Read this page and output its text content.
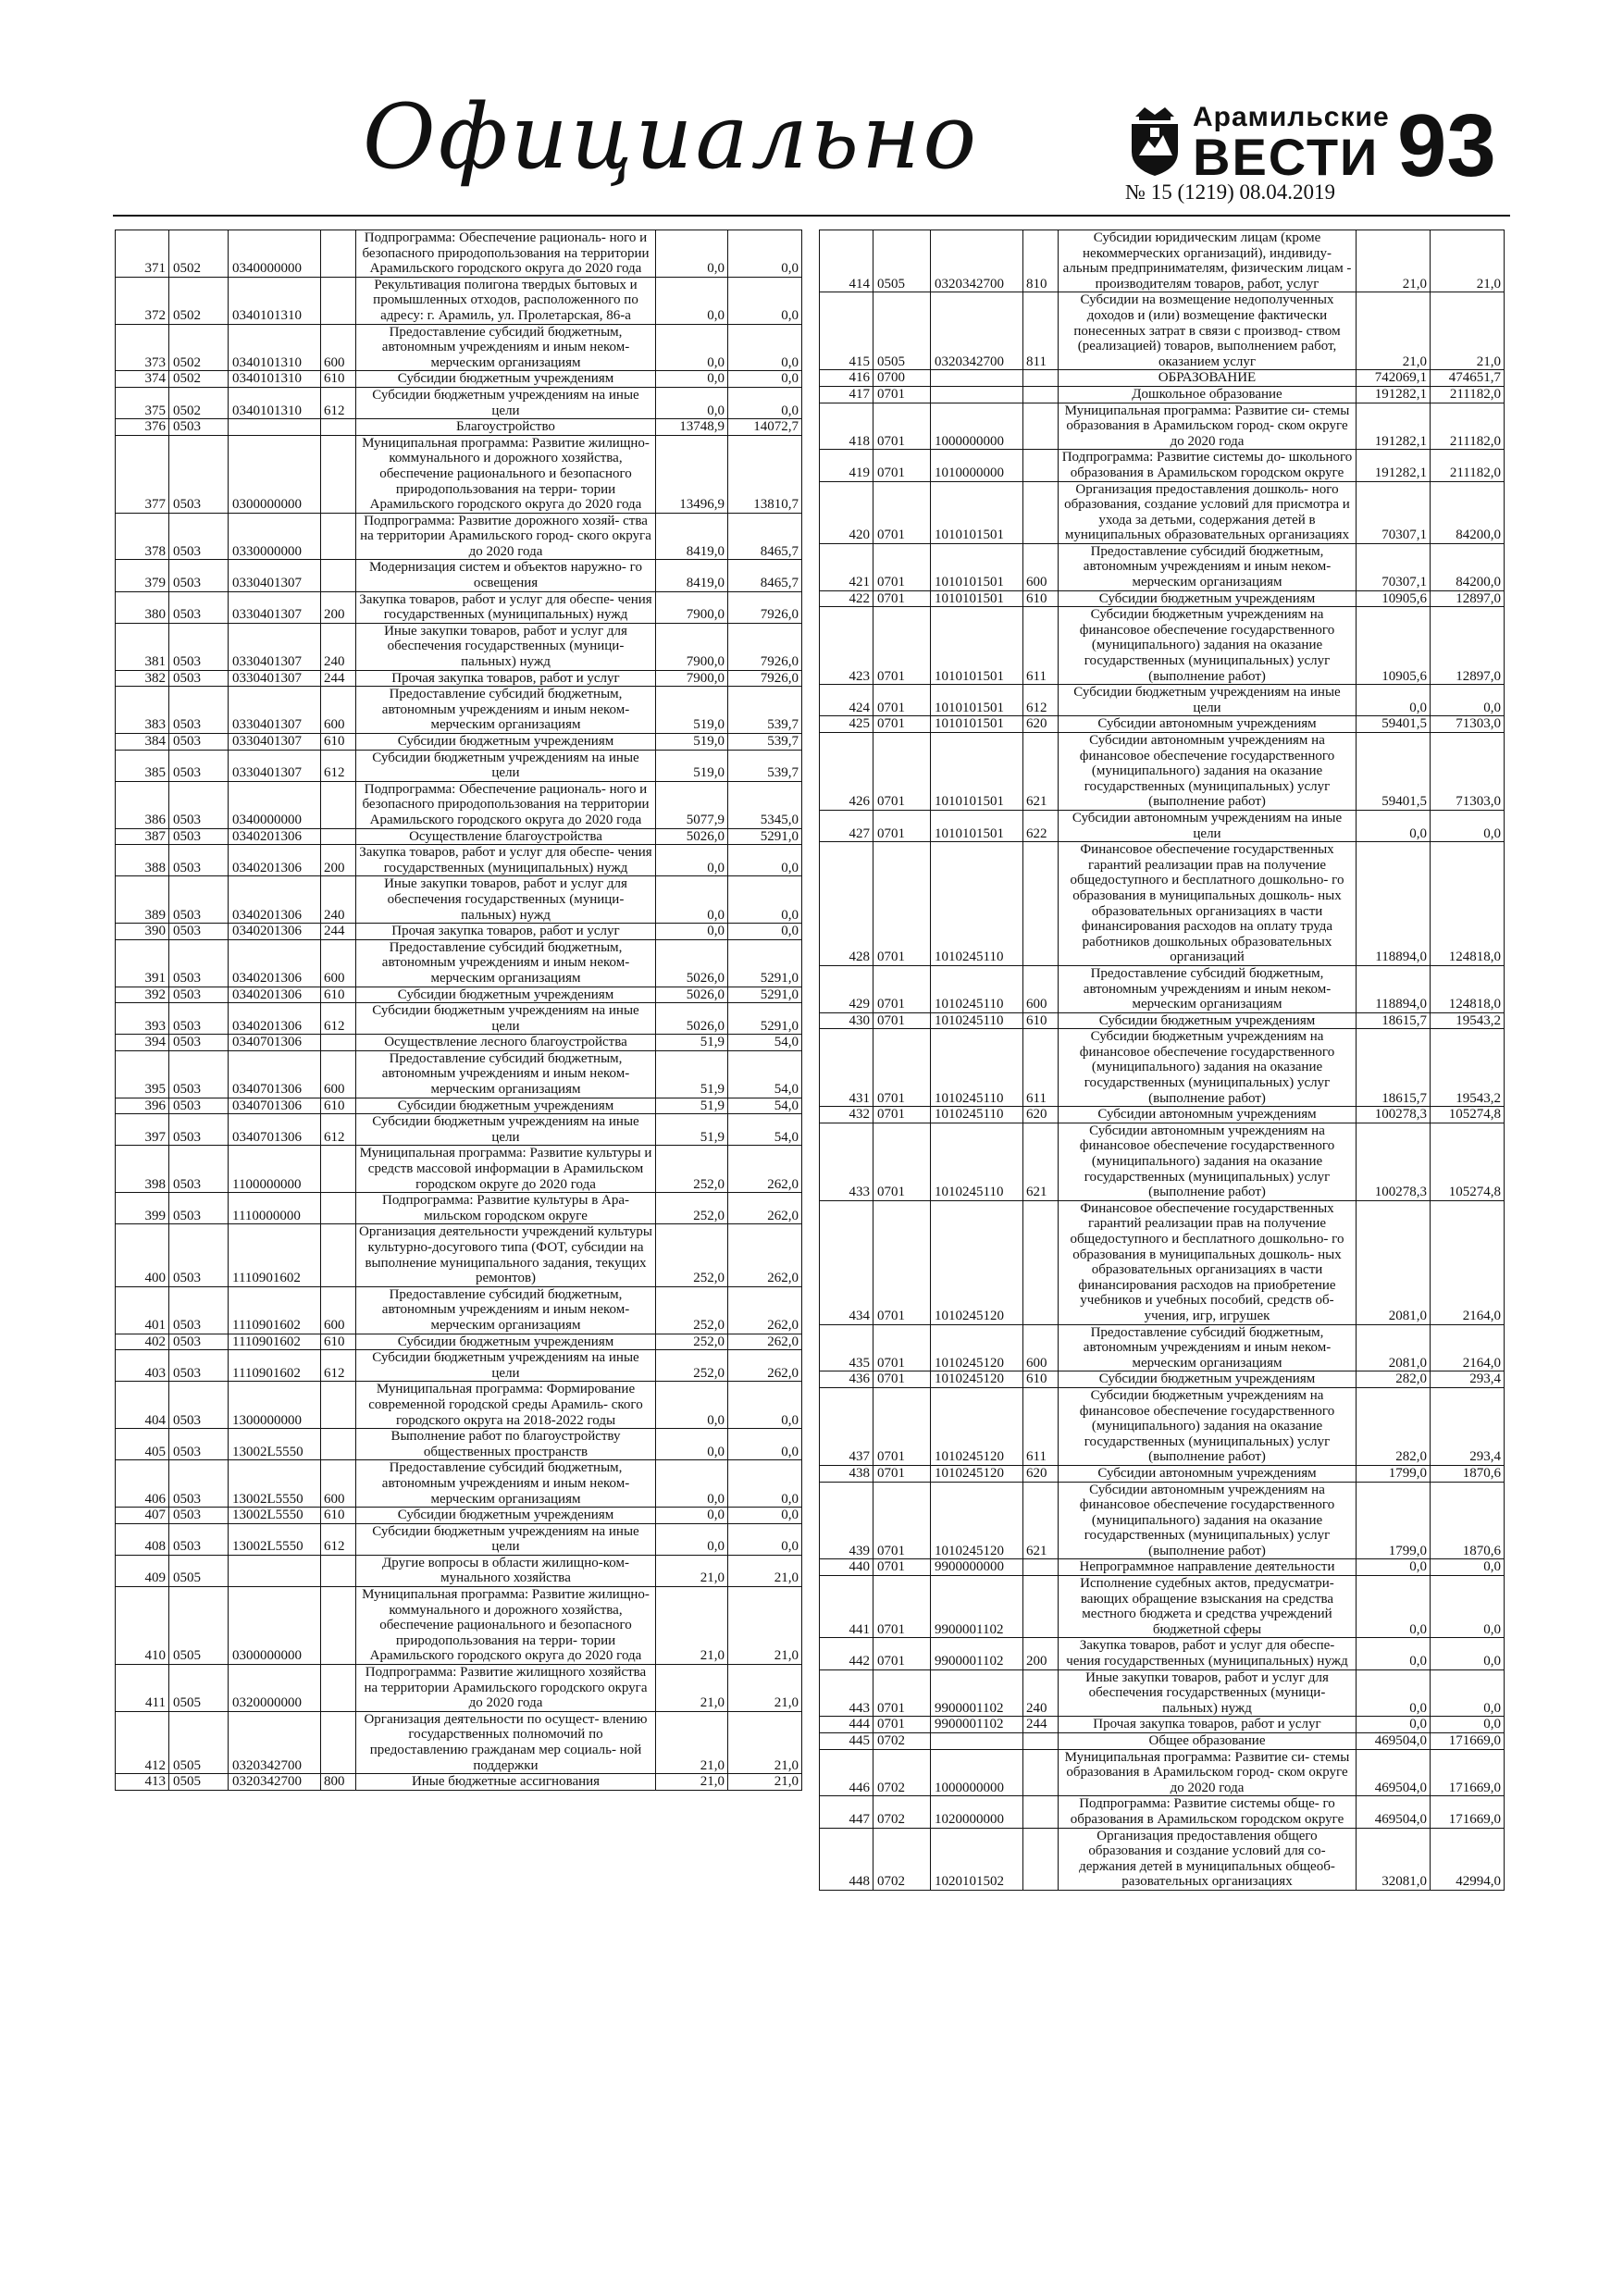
Официально	Арамильские
ВЕСТИ
№ 15 (1219) 08.04.2019 93
371	0502	0340000000		Подпрограмма: Обеспечение рациональ- ного и безопасного природопользования на территории Арамильского городского округа до 2020 года	0,0	0,0
372	0502	0340101310		Рекультивация полигона твердых бытовых и промышленных отходов, расположенного по адресу: г. Арамиль, ул. Пролетарская, 86-а	0,0	0,0
373	0502	0340101310	600	Предоставление субсидий бюджетным, автономным учреждениям и иным неком- мерческим организациям	0,0	0,0
374	0502	0340101310	610	Субсидии бюджетным учреждениям	0,0	0,0
375	0502	0340101310	612	Субсидии бюджетным учреждениям на иные цели	0,0	0,0
376	0503			Благоустройство	13748,9	14072,7
377	0503	0300000000		Муниципальная программа: Развитие жилищно-коммунального и дорожного хозяйства, обеспечение рационального и безопасного природопользования на терри- тории Арамильского городского округа до 2020 года	13496,9	13810,7
378	0503	0330000000		Подпрограмма: Развитие дорожного хозяй- ства на территории Арамильского город- ского округа до 2020 года	8419,0	8465,7
379	0503	0330401307		Модернизация систем и объектов наружно- го освещения	8419,0	8465,7
380	0503	0330401307	200	Закупка товаров, работ и услуг для обеспе- чения государственных (муниципальных) нужд	7900,0	7926,0
381	0503	0330401307	240	Иные закупки товаров, работ и услуг для обеспечения государственных (муници- пальных) нужд	7900,0	7926,0
382	0503	0330401307	244	Прочая закупка товаров, работ и услуг	7900,0	7926,0
383	0503	0330401307	600	Предоставление субсидий бюджетным, автономным учреждениям и иным неком- мерческим организациям	519,0	539,7
384	0503	0330401307	610	Субсидии бюджетным учреждениям	519,0	539,7
385	0503	0330401307	612	Субсидии бюджетным учреждениям на иные цели	519,0	539,7
386	0503	0340000000		Подпрограмма: Обеспечение рациональ- ного и безопасного природопользования на территории Арамильского городского округа до 2020 года	5077,9	5345,0
387	0503	0340201306		Осуществление благоустройства	5026,0	5291,0
388	0503	0340201306	200	Закупка товаров, работ и услуг для обеспе- чения государственных (муниципальных) нужд	0,0	0,0
389	0503	0340201306	240	Иные закупки товаров, работ и услуг для обеспечения государственных (муници- пальных) нужд	0,0	0,0
390	0503	0340201306	244	Прочая закупка товаров, работ и услуг	0,0	0,0
391	0503	0340201306	600	Предоставление субсидий бюджетным, автономным учреждениям и иным неком- мерческим организациям	5026,0	5291,0
392	0503	0340201306	610	Субсидии бюджетным учреждениям	5026,0	5291,0
393	0503	0340201306	612	Субсидии бюджетным учреждениям на иные цели	5026,0	5291,0
394	0503	0340701306		Осуществление лесного благоустройства	51,9	54,0
395	0503	0340701306	600	Предоставление субсидий бюджетным, автономным учреждениям и иным неком- мерческим организациям	51,9	54,0
396	0503	0340701306	610	Субсидии бюджетным учреждениям	51,9	54,0
397	0503	0340701306	612	Субсидии бюджетным учреждениям на иные цели	51,9	54,0
398	0503	1100000000		Муниципальная программа: Развитие культуры и средств массовой информации в Арамильском городском округе до 2020 года	252,0	262,0
399	0503	1110000000		Подпрограмма: Развитие культуры в Ара- мильском городском округе	252,0	262,0
400	0503	1110901602		Организация деятельности учреждений культуры культурно-досугового типа (ФОТ, субсидии на выполнение муниципального задания, текущих ремонтов)	252,0	262,0
401	0503	1110901602	600	Предоставление субсидий бюджетным, автономным учреждениям и иным неком- мерческим организациям	252,0	262,0
402	0503	1110901602	610	Субсидии бюджетным учреждениям	252,0	262,0
403	0503	1110901602	612	Субсидии бюджетным учреждениям на иные цели	252,0	262,0
404	0503	1300000000		Муниципальная программа: Формирование современной городской среды Арамиль- ского городского округа на 2018-2022 годы	0,0	0,0
405	0503	13002L5550		Выполнение работ по благоустройству общественных пространств	0,0	0,0
406	0503	13002L5550	600	Предоставление субсидий бюджетным, автономным учреждениям и иным неком- мерческим организациям	0,0	0,0
407	0503	13002L5550	610	Субсидии бюджетным учреждениям	0,0	0,0
408	0503	13002L5550	612	Субсидии бюджетным учреждениям на иные цели	0,0	0,0
409	0505			Другие вопросы в области жилищно-ком- мунального хозяйства	21,0	21,0
410	0505	0300000000		Муниципальная программа: Развитие жилищно-коммунального и дорожного хозяйства, обеспечение рационального и безопасного природопользования на терри- тории Арамильского городского округа до 2020 года	21,0	21,0
411	0505	0320000000		Подпрограмма: Развитие жилищного хозяйства на территории Арамильского городского округа до 2020 года	21,0	21,0
412	0505	0320342700		Организация деятельности по осущест- влению государственных полномочий по предоставлению гражданам мер социаль- ной поддержки	21,0	21,0
413	0505	0320342700	800	Иные бюджетные ассигнования	21,0	21,0
414	0505	0320342700	810	Субсидии юридическим лицам (кроме некоммерческих организаций), индивиду- альным предпринимателям, физическим лицам - производителям товаров, работ, услуг	21,0	21,0
415	0505	0320342700	811	Субсидии на возмещение недополученных доходов и (или) возмещение фактически понесенных затрат в связи с производ- ством (реализацией) товаров, выполнением работ, оказанием услуг	21,0	21,0
416	0700			ОБРАЗОВАНИЕ	742069,1	474651,7
417	0701			Дошкольное образование	191282,1	211182,0
418	0701	1000000000		Муниципальная программа: Развитие си- стемы образования в Арамильском город- ском округе до 2020 года	191282,1	211182,0
419	0701	1010000000		Подпрограмма: Развитие системы до- школьного образования в Арамильском городском округе	191282,1	211182,0
420	0701	1010101501		Организация предоставления дошколь- ного образования, создание условий для присмотра и ухода за детьми, содержания детей в муниципальных образовательных организациях	70307,1	84200,0
421	0701	1010101501	600	Предоставление субсидий бюджетным, автономным учреждениям и иным неком- мерческим организациям	70307,1	84200,0
422	0701	1010101501	610	Субсидии бюджетным учреждениям	10905,6	12897,0
423	0701	1010101501	611	Субсидии бюджетным учреждениям на финансовое обеспечение государственного (муниципального) задания на оказание государственных (муниципальных) услуг (выполнение работ)	10905,6	12897,0
424	0701	1010101501	612	Субсидии бюджетным учреждениям на иные цели	0,0	0,0
425	0701	1010101501	620	Субсидии автономным учреждениям	59401,5	71303,0
426	0701	1010101501	621	Субсидии автономным учреждениям на финансовое обеспечение государственного (муниципального) задания на оказание государственных (муниципальных) услуг (выполнение работ)	59401,5	71303,0
427	0701	1010101501	622	Субсидии автономным учреждениям на иные цели	0,0	0,0
428	0701	1010245110		Финансовое обеспечение государственных гарантий реализации прав на получение общедоступного и бесплатного дошкольно- го образования в муниципальных дошколь- ных образовательных организациях в части финансирования расходов на оплату труда работников дошкольных образовательных организаций	118894,0	124818,0
429	0701	1010245110	600	Предоставление субсидий бюджетным, автономным учреждениям и иным неком- мерческим организациям	118894,0	124818,0
430	0701	1010245110	610	Субсидии бюджетным учреждениям	18615,7	19543,2
431	0701	1010245110	611	Субсидии бюджетным учреждениям на финансовое обеспечение государственного (муниципального) задания на оказание государственных (муниципальных) услуг (выполнение работ)	18615,7	19543,2
432	0701	1010245110	620	Субсидии автономным учреждениям	100278,3	105274,8
433	0701	1010245110	621	Субсидии автономным учреждениям на финансовое обеспечение государственного (муниципального) задания на оказание государственных (муниципальных) услуг (выполнение работ)	100278,3	105274,8
434	0701	1010245120		Финансовое обеспечение государственных гарантий реализации прав на получение общедоступного и бесплатного дошкольно- го образования в муниципальных дошколь- ных образовательных организациях в части финансирования расходов на приобретение учебников и учебных пособий, средств об- учения, игр, игрушек	2081,0	2164,0
435	0701	1010245120	600	Предоставление субсидий бюджетным, автономным учреждениям и иным неком- мерческим организациям	2081,0	2164,0
436	0701	1010245120	610	Субсидии бюджетным учреждениям	282,0	293,4
437	0701	1010245120	611	Субсидии бюджетным учреждениям на финансовое обеспечение государственного (муниципального) задания на оказание государственных (муниципальных) услуг (выполнение работ)	282,0	293,4
438	0701	1010245120	620	Субсидии автономным учреждениям	1799,0	1870,6
439	0701	1010245120	621	Субсидии автономным учреждениям на финансовое обеспечение государственного (муниципального) задания на оказание государственных (муниципальных) услуг (выполнение работ)	1799,0	1870,6
440	0701	9900000000		Непрограммное направление деятельности	0,0	0,0
441	0701	9900001102		Исполнение судебных актов, предусматри- вающих обращение взыскания на средства местного бюджета и средства учреждений бюджетной сферы	0,0	0,0
442	0701	9900001102	200	Закупка товаров, работ и услуг для обеспе- чения государственных (муниципальных) нужд	0,0	0,0
443	0701	9900001102	240	Иные закупки товаров, работ и услуг для обеспечения государственных (муници- пальных) нужд	0,0	0,0
444	0701	9900001102	244	Прочая закупка товаров, работ и услуг	0,0	0,0
445	0702			Общее образование	469504,0	171669,0
446	0702	1000000000		Муниципальная программа: Развитие си- стемы образования в Арамильском город- ском округе до 2020 года	469504,0	171669,0
447	0702	1020000000		Подпрограмма: Развитие системы обще- го образования в Арамильском городском округе	469504,0	171669,0
448	0702	1020101502		Организация предоставления общего образования и создание условий для со- держания детей в муниципальных общеоб- разовательных организациях	32081,0	42994,0
